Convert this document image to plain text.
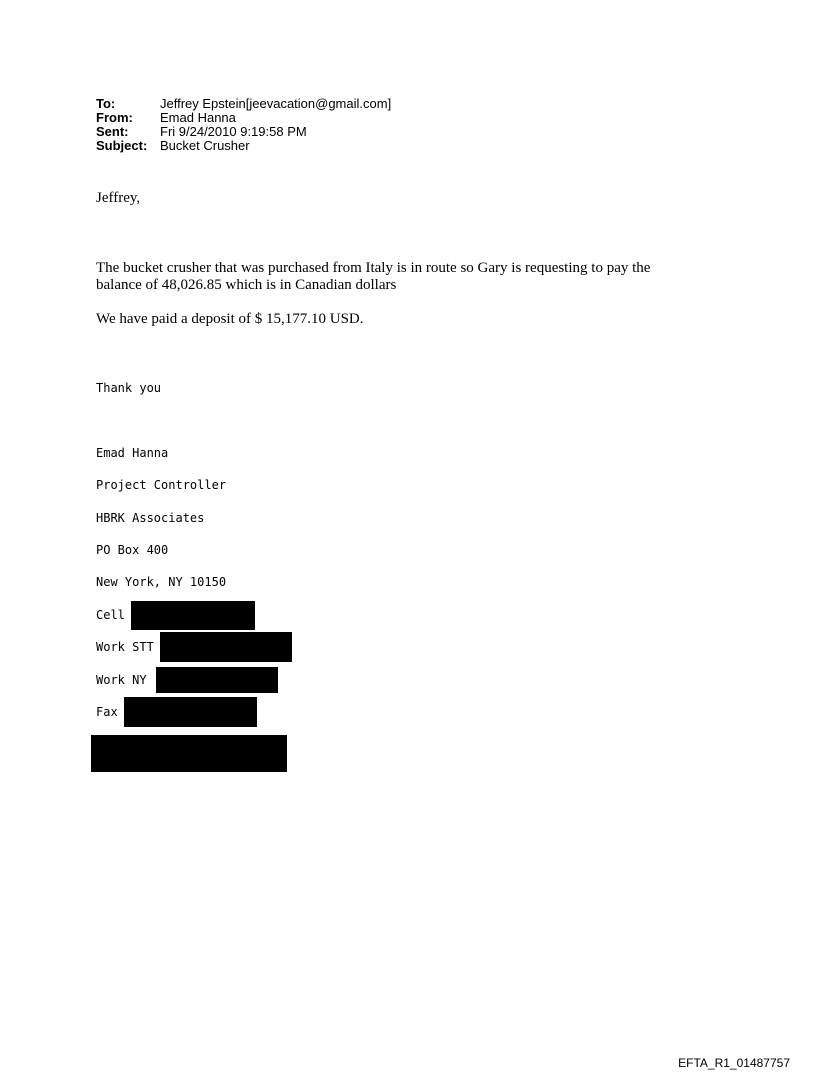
To:	Jeffrey Epstein[jeevacation@gmail.com]
From:	Emad Hanna
Sent:	Fri 9/24/2010 9:19:58 PM
Subject: Bucket Crusher
Jeffrey,
The bucket crusher that was purchased from Italy is in route so Gary is requesting to pay the
balance of 48,026.85 which is in Canadian dollars
We have paid a deposit of $ 15,177.10 USD.
Thank you
Emad Hanna
Project Controller
HBRK Associates
PO Box 400
New York, NY 10150
Cell
Work STT
Work NY
Fax
EFTA_R1_01487757
